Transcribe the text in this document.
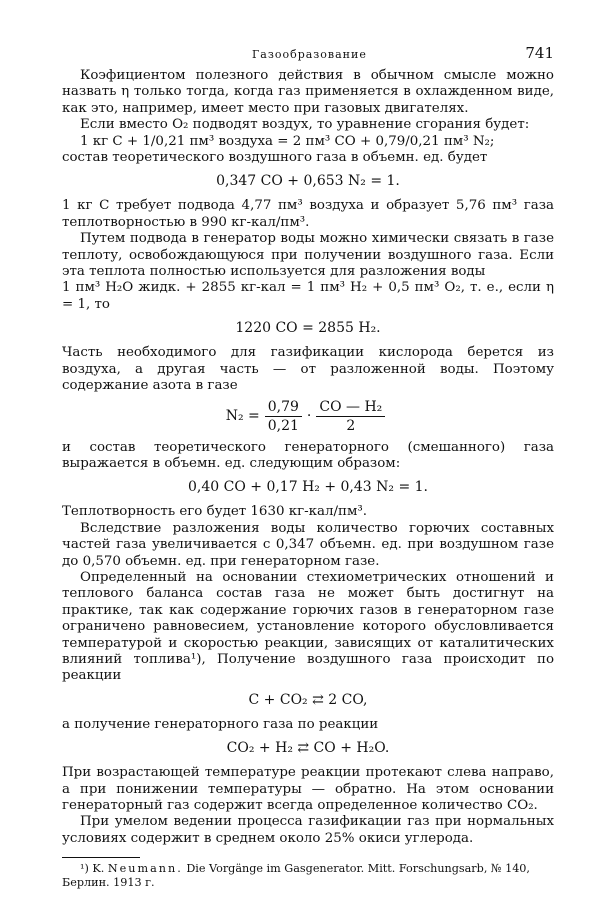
Газообразование	741

Коэфициентом полезного действия в обычном смысле можно назвать η только тогда, когда газ применяется в охлажденном виде, как это, например, имеет место при газовых двигателях.

Если вместо O₂ подводят воздух, то уравнение сгорания будет:

1 кг C + 1/0,21 пм³ воздуха = 2 пм³ CO + 0,79/0,21 пм³ N₂;

состав теоретического воздушного газа в объемн. ед. будет

0,347 CO + 0,653 N₂ = 1.

1 кг C требует подвода 4,77 пм³ воздуха и образует 5,76 пм³ газа теплотворностью в 990 кг-кал/пм³.

Путем подвода в генератор воды можно химически связать в газе теплоту, освобождающуюся при получении воздушного газа. Если эта теплота полностью используется для разложения воды

1 пм³ H₂O жидк. + 2855 кг-кал = 1 пм³ H₂ + 0,5 пм³ O₂, т. е., если η = 1, то

1220 CO = 2855 H₂.

Часть необходимого для газификации кислорода берется из воздуха, а другая часть — от разложенной воды. Поэтому содержание азота в газе

$N_2 = \frac{0,79}{0,21} \cdot \frac{\text{CO — H₂}}{2}$

и состав теоретического генераторного (смешанного) газа выражается в объемн. ед. следующим образом:

0,40 CO + 0,17 H₂ + 0,43 N₂ = 1.

Теплотворность его будет 1630 кг-кал/пм³.

Вследствие разложения воды количество горючих составных частей газа увеличивается с 0,347 объемн. ед. при воздушном газе до 0,570 объемн. ед. при генераторном газе.

Определенный на основании стехиометрических отношений и теплового баланса состав газа не может быть достигнут на практике, так как содержание горючих газов в генераторном газе ограничено равновесием, установление которого обусловливается температурой и скоростью реакции, зависящих от каталитических влияний топлива¹), Получение воздушного газа происходит по реакции

C + CO₂ ⇄ 2 CO,

а получение генераторного газа по реакции

CO₂ + H₂ ⇄ CO + H₂O.

При возрастающей температуре реакции протекают слева направо, а при понижении температуры — обратно. На этом основании генераторный газ содержит всегда определенное количество CO₂.

При умелом ведении процесса газификации газ при нормальных условиях содержит в среднем около 25% окиси углерода.

¹) K. Neumann. Die Vorgänge im Gasgenerator. Mitt. Forschungsarb, № 140,
Берлин. 1913 г.
